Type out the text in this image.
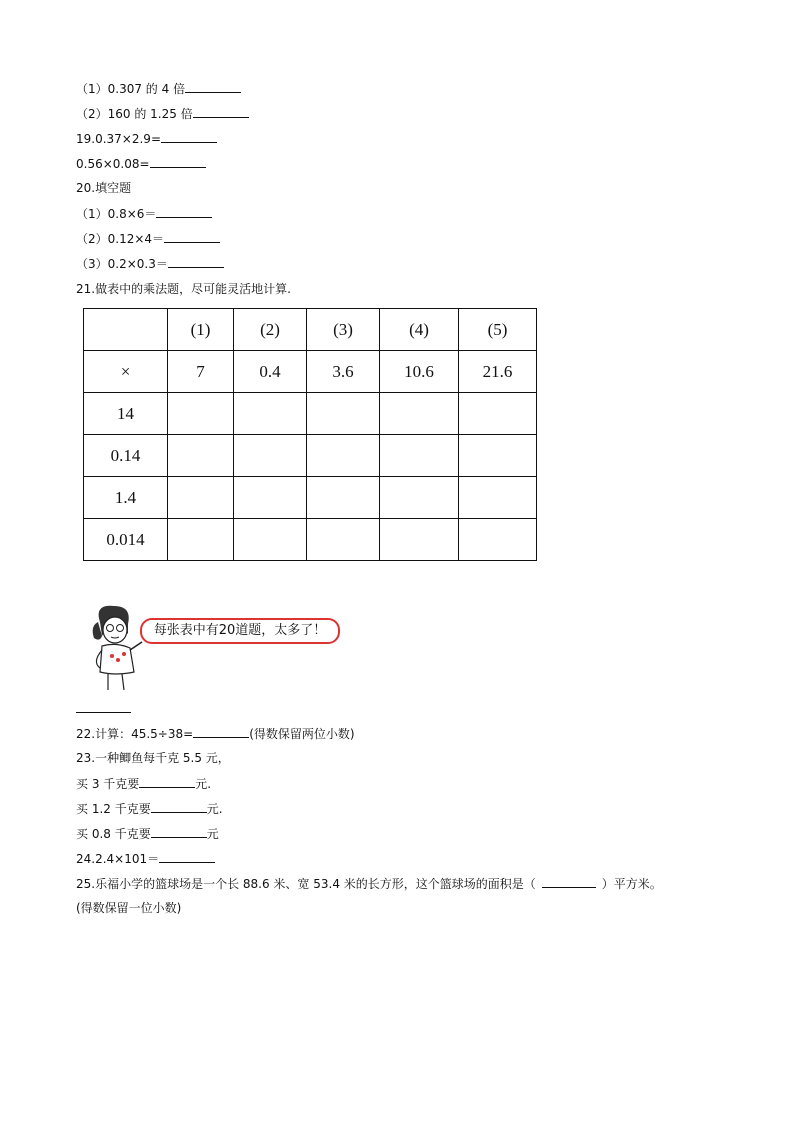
（1）0.307 的 4 倍
（2）160 的 1.25 倍
19.0.37×2.9=
0.56×0.08=
20.填空题
（1）0.8×6＝
（2）0.12×4＝
（3）0.2×0.3＝
21.做表中的乘法题，尽可能灵活地计算.
	(1)	(2)	(3)	(4)	(5)
×	7	0.4	3.6	10.6	21.6
14					
0.14					
1.4					
0.014					
每张表中有20道题，太多了！
22.计算：45.5÷38=	(得数保留两位小数)
23.一种鲫鱼每千克 5.5 元，
买 3 千克要	元.
买 1.2 千克要	元.
买 0.8 千克要	元
24.2.4×101＝
25.乐福小学的篮球场是一个长 88.6 米、宽 53.4 米的长方形，这个篮球场的面积是（	）平方米。
(得数保留一位小数)
